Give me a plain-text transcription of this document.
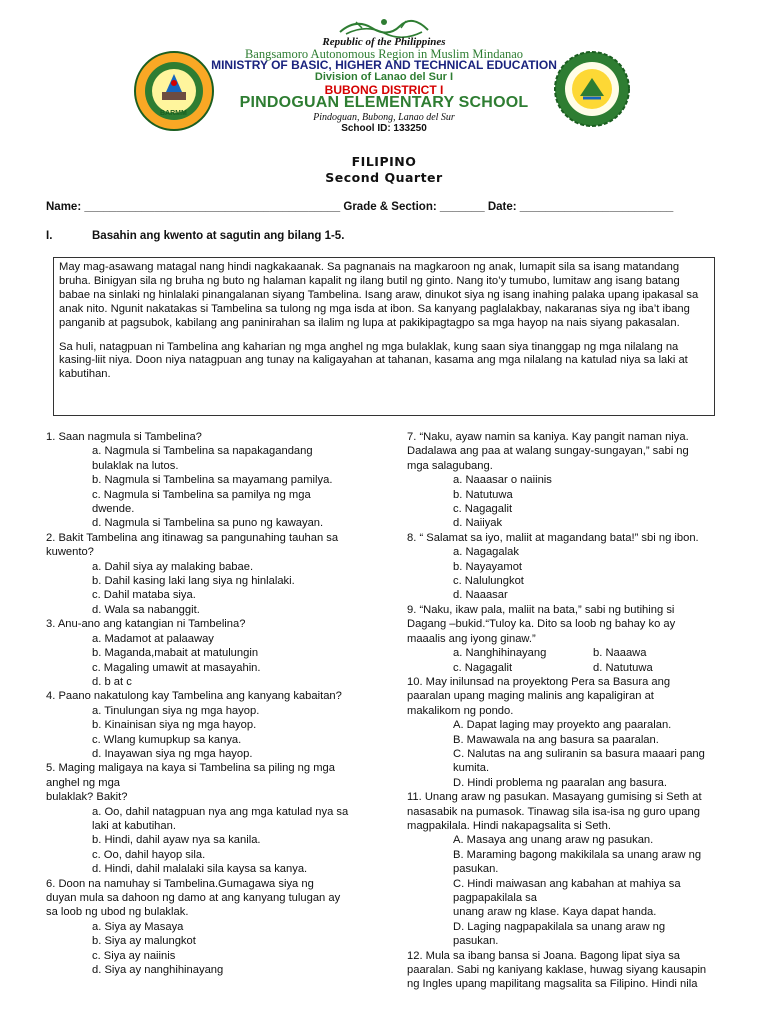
BARMM
Republic of the Philippines
Bangsamoro Autonomous Region in Muslim Mindanao
MINISTRY OF BASIC, HIGHER AND TECHNICAL EDUCATION
Division of Lanao del Sur I
BUBONG DISTRICT I
PINDOGUAN ELEMENTARY SCHOOL
Pindoguan, Bubong, Lanao del Sur
School ID: 133250
FILIPINO
Second Quarter
Name: ________________________________________ Grade & Section: _______ Date: ________________________
I.	Basahin ang kwento at sagutin ang bilang 1-5.

May mag-asawang matagal nang hindi nagkakaanak. Sa pagnanais na magkaroon ng anak, lumapit sila sa isang matandang bruha. Binigyan sila ng bruha ng buto ng halaman kapalit ng ilang butil ng ginto. Nang ito’y tumubo, lumitaw ang isang batang babae na sinlaki ng hinlalaki pinangalanan siyang Tambelina. Isang araw, dinukot siya ng isang inahing palaka upang ipakasal sa anak nito. Ngunit nakatakas si Tambelina sa tulong ng mga isda at ibon. Sa kanyang paglalakbay, nakaranas siya ng iba’t ibang panganib at pagsubok, kabilang ang paninirahan sa ilalim ng lupa at pakikipagtagpo sa mga hayop na nais siyang pakasalan.

Sa huli, natagpuan ni Tambelina ang kaharian ng mga anghel ng mga bulaklak, kung saan siya tinanggap ng mga nilalang na kasing-liit niya. Doon niya natagpuan ang tunay na kaligayahan at tahanan, kasama ang mga nilalang na katulad niya sa laki at kabutihan.

1. Saan nagmula si Tambelina?
a. Nagmula si Tambelina sa napakagandang
bulaklak na lutos.
b. Nagmula si Tambelina sa mayamang pamilya.
c. Nagmula si Tambelina sa pamilya ng mga
dwende.
d. Nagmula si Tambelina sa puno ng kawayan.
2. Bakit Tambelina ang itinawag sa pangunahing tauhan sa
kuwento?
a. Dahil siya ay malaking babae.
b. Dahil kasing laki lang siya ng hinlalaki.
c. Dahil mataba siya.
d. Wala sa nabanggit.
3. Anu-ano ang katangian ni Tambelina?
a. Madamot at palaaway
b. Maganda,mabait at matulungin
c. Magaling umawit at masayahin.
d. b at c
4. Paano nakatulong kay Tambelina ang kanyang kabaitan?
a. Tinulungan siya ng mga hayop.
b. Kinainisan siya ng mga hayop.
c. Wlang kumupkup sa kanya.
d. Inayawan siya ng mga hayop.
5. Maging maligaya na kaya si Tambelina sa piling ng mga
anghel ng mga
bulaklak? Bakit?
a. Oo, dahil natagpuan nya ang mga katulad nya sa
laki at kabutihan.
b. Hindi, dahil ayaw nya sa kanila.
c. Oo, dahil hayop sila.
d. Hindi, dahil malalaki sila kaysa sa kanya.
6. Doon na namuhay si Tambelina.Gumagawa siya ng
duyan mula sa dahoon ng damo at ang kanyang tulugan ay
sa loob ng ubod ng bulaklak.
a. Siya ay Masaya
b. Siya ay malungkot
c. Siya ay naiinis
d. Siya ay nanghihinayang
7. “Naku, ayaw namin sa kaniya. Kay pangit naman niya.
Dadalawa ang paa at walang sungay-sungayan,” sabi ng
mga salagubang.
a. Naaasar o naiinis
b. Natutuwa
c. Nagagalit
d. Naiiyak
8. “ Salamat sa iyo, maliit at magandang bata!” sbi ng ibon.
a. Nagagalak
b. Nayayamot
c. Nalulungkot
d. Naaasar
9. “Naku, ikaw pala, maliit na bata,” sabi ng butihing si
Dagang –bukid.“Tuloy ka. Dito sa loob ng bahay ko ay
maaalis ang iyong ginaw.”
a. Nanghihinayang	b. Naaawa
c. Nagagalit	d. Natutuwa
10. May inilunsad na proyektong Pera sa Basura ang
paaralan upang maging malinis ang kapaligiran at
makalikom ng pondo.
A. Dapat laging may proyekto ang paaralan.
B. Mawawala na ang basura sa paaralan.
C. Nalutas na ang suliranin sa basura maaari pang
kumita.
D. Hindi problema ng paaralan ang basura.
11. Unang araw ng pasukan. Masayang gumising si Seth at
nasasabik na pumasok. Tinawag sila isa-isa ng guro upang
magpakilala. Hindi nakapagsalita si Seth.
A. Masaya ang unang araw ng pasukan.
B. Maraming bagong makikilala sa unang araw ng
pasukan.
C. Hindi maiwasan ang kabahan at mahiya sa
pagpapakilala sa
unang araw ng klase. Kaya dapat handa.
D. Laging nagpapakilala sa unang araw ng
pasukan.
12. Mula sa ibang bansa si Joana. Bagong lipat siya sa
paaralan. Sabi ng kaniyang kaklase, huwag siyang kausapin
ng Ingles upang mapilitang magsalita sa Filipino. Hindi nila
